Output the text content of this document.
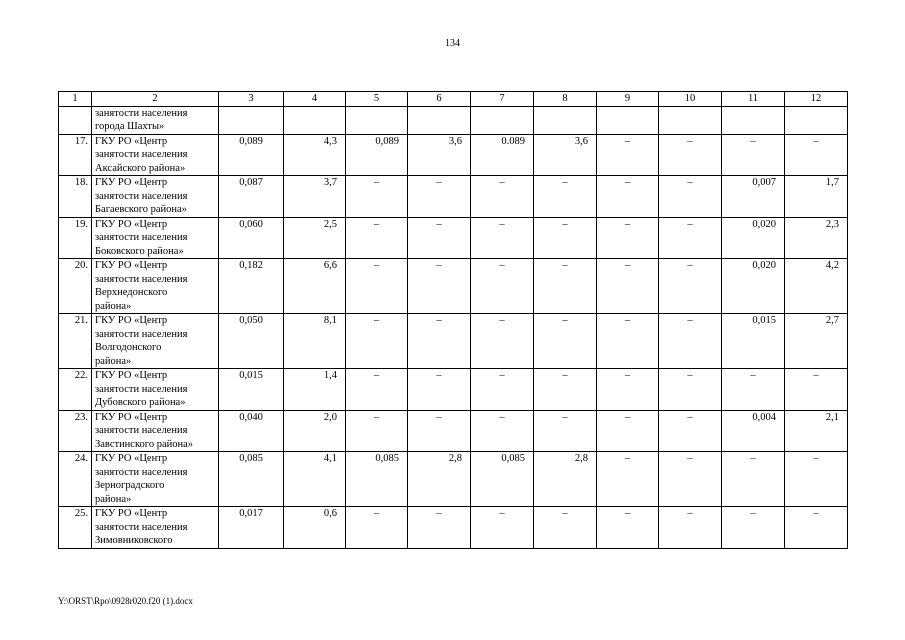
134
1	2	3	4	5	6	7	8	9	10	11	12

	занятости населения
города Шахты»										

17.	ГКУ РО «Центр
занятости населения
Аксайского района»	0,089	4,3	0,089	3,6	0.089	3,6	–	–	–	–
18.	ГКУ РО «Центр
занятости населения
Багаевского района»	0,087	3,7	–	–	–	–	–	–	0,007	1,7
19.	ГКУ РО «Центр
занятости населения
Боковского района»	0,060	2,5	–	–	–	–	–	–	0,020	2,3
20.	ГКУ РО «Центр
занятости населения
Верхнедонского
района»	0,182	6,6	–	–	–	–	–	–	0,020	4,2
21.	ГКУ РО «Центр
занятости населения
Волгодонского
района»	0,050	8,1	–	–	–	–	–	–	0,015	2,7
22.	ГКУ РО «Центр
занятости населения
Дубовского района»	0,015	1,4	–	–	–	–	–	–	–	–
23.	ГКУ РО «Центр
занятости населения
Завстинского района»	0,040	2,0	–	–	–	–	–	–	0,004	2,1
24.	ГКУ РО «Центр
занятости населения
Зерноградского
района»	0,085	4,1	0,085	2,8	0,085	2,8	–	–	–	–
25.	ГКУ РО «Центр
занятости населения
Зимовниковского	0,017	0,6	–	–	–	–	–	–	–	–
Y:\ORST\Rpo\0928r020.f20 (1).docx
